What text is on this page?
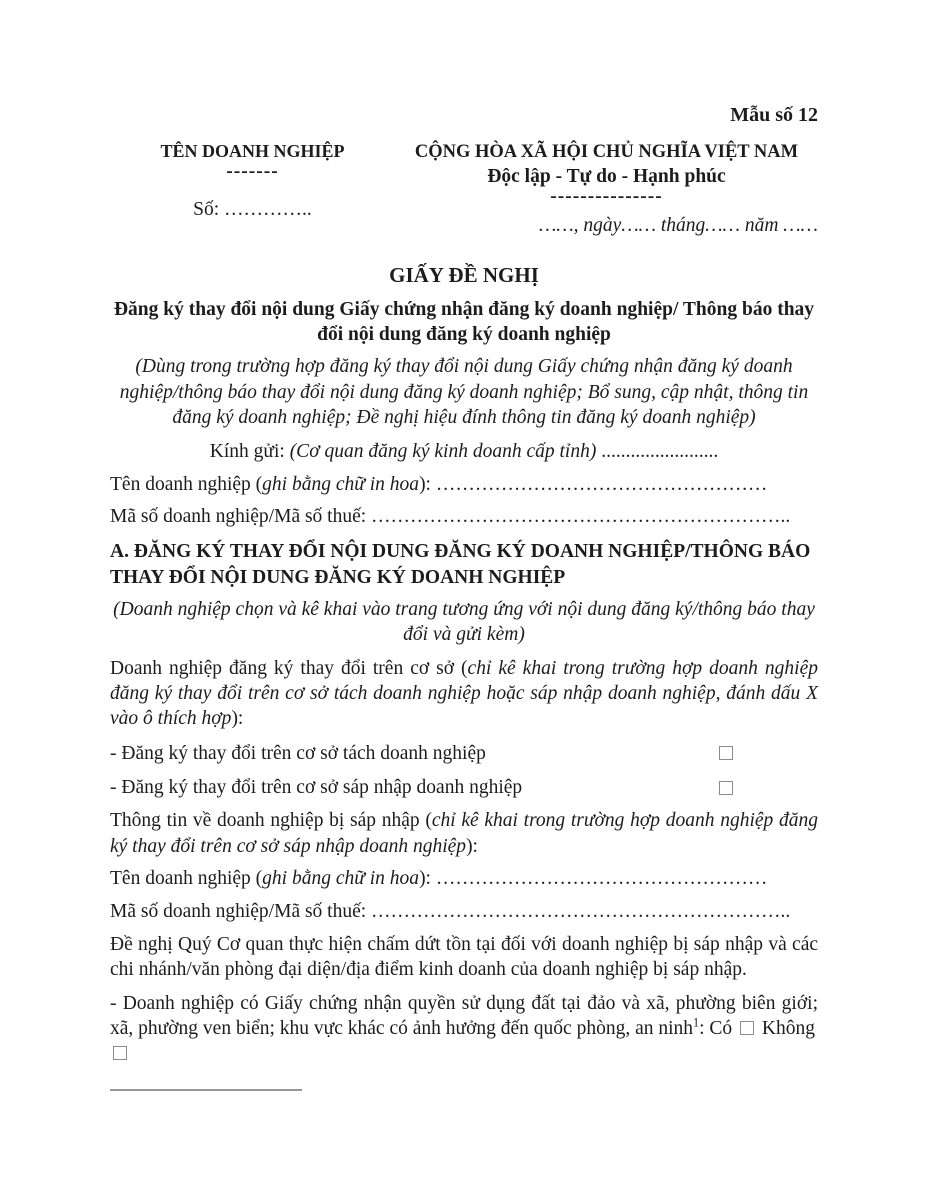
Mẫu số 12
TÊN DOANH NGHIỆP
-------
Số: …………..
CỘNG HÒA XÃ HỘI CHỦ NGHĨA VIỆT NAM
Độc lập - Tự do - Hạnh phúc
---------------
……, ngày…… tháng…… năm ……
GIẤY ĐỀ NGHỊ
Đăng ký thay đổi nội dung Giấy chứng nhận đăng ký doanh nghiệp/ Thông báo thay đổi nội dung đăng ký doanh nghiệp
(Dùng trong trường hợp đăng ký thay đổi nội dung Giấy chứng nhận đăng ký doanh nghiệp/thông báo thay đổi nội dung đăng ký doanh nghiệp; Bổ sung, cập nhật, thông tin đăng ký doanh nghiệp; Đề nghị hiệu đính thông tin đăng ký doanh nghiệp)
Kính gửi: (Cơ quan đăng ký kinh doanh cấp tỉnh) ........................
Tên doanh nghiệp (ghi bằng chữ in hoa): ……………………………………………
Mã số doanh nghiệp/Mã số thuế: ………………………………………………………..
A. ĐĂNG KÝ THAY ĐỔI NỘI DUNG ĐĂNG KÝ DOANH NGHIỆP/THÔNG BÁO THAY ĐỔI NỘI DUNG ĐĂNG KÝ DOANH NGHIỆP
(Doanh nghiệp chọn và kê khai vào trang tương ứng với nội dung đăng ký/thông báo thay đổi và gửi kèm)

Doanh nghiệp đăng ký thay đổi trên cơ sở (chỉ kê khai trong trường hợp doanh nghiệp đăng ký thay đổi trên cơ sở tách doanh nghiệp hoặc sáp nhập doanh nghiệp, đánh dấu X vào ô thích hợp):

- Đăng ký thay đổi trên cơ sở tách doanh nghiệp
- Đăng ký thay đổi trên cơ sở sáp nhập doanh nghiệp

Thông tin về doanh nghiệp bị sáp nhập (chỉ kê khai trong trường hợp doanh nghiệp đăng ký thay đổi trên cơ sở sáp nhập doanh nghiệp):

Tên doanh nghiệp (ghi bằng chữ in hoa): ……………………………………………
Mã số doanh nghiệp/Mã số thuế: ………………………………………………………..

Đề nghị Quý Cơ quan thực hiện chấm dứt tồn tại đối với doanh nghiệp bị sáp nhập và các chi nhánh/văn phòng đại diện/địa điểm kinh doanh của doanh nghiệp bị sáp nhập.

- Doanh nghiệp có Giấy chứng nhận quyền sử dụng đất tại đảo và xã, phường biên giới; xã, phường ven biển; khu vực khác có ảnh hưởng đến quốc phòng, an ninh$^1$: Có Không
